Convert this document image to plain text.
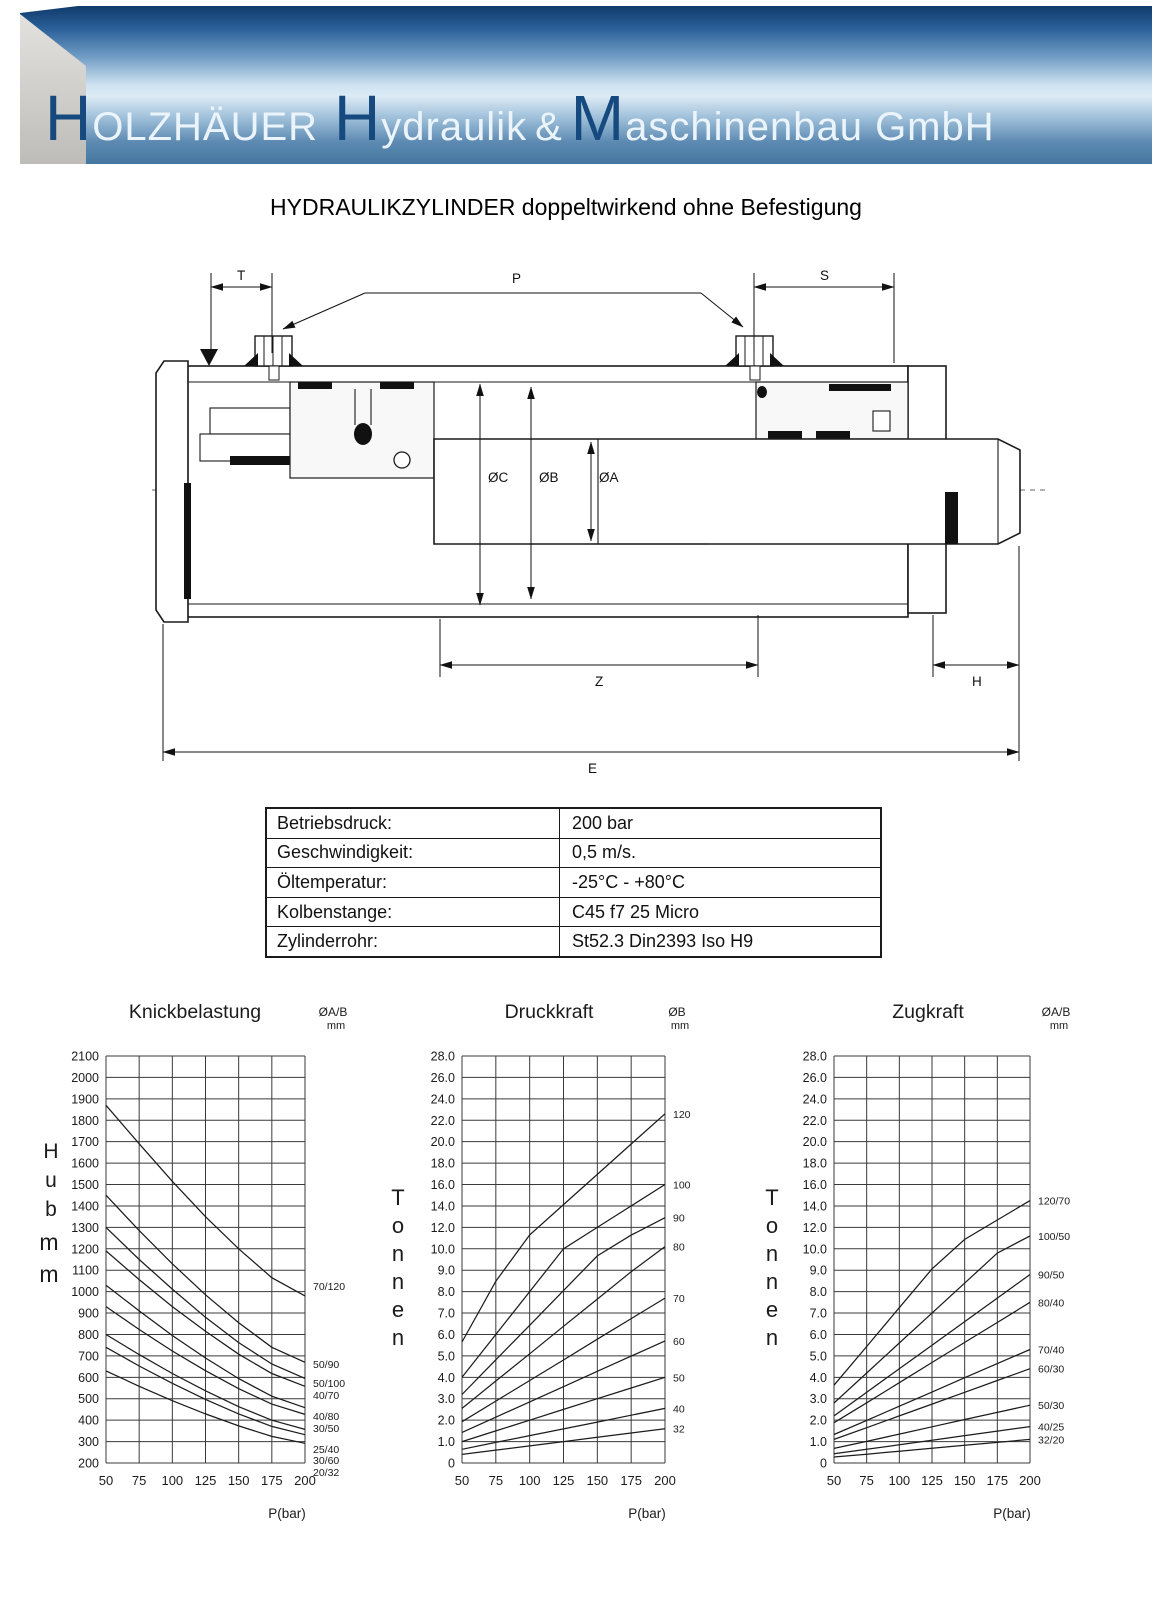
H OLZHÄUER H ydraulik & M aschinenbau GmbH
HYDRAULIKZYLINDER doppeltwirkend ohne Befestigung
T	P	S
ØC ØB	ØA
Z	H
E
Betriebsdruck:	200 bar
Geschwindigkeit:	0,5 m/s.
Öltemperatur:	-25°C - +80°C
Kolbenstange:	C45 f7 25 Micro
Zylinderrohr:	St52.3 Din2393 Iso H9
Knickbelastung	ØA/B
mm
H
u
b
m
m
2100
2000
1900
1800
1700
1600
1500
1400
1300
1200
1100
1000
900
800
700
600
500
400
300
200
50 75 100 125 150 175 200
P(bar)
70/120
50/90
50/100
40/70
40/80
30/50
25/40
30/60
20/32
Druckkraft	ØB
mm
T
o
n
n
e
n
28.0
26.0
24.0
22.0
20.0
18.0
16.0
14.0
12.0
10.0
9.0
8.0
7.0
6.0
5.0
4.0
3.0
2.0
1.0
0
50 75 100 125 150 175 200
P(bar)
120
100
90
80
70
60
50
40
32
Zugkraft	ØA/B
mm
T
o
n
n
e
n
28.0
26.0
24.0
22.0
20.0
18.0
16.0
14.0
12.0
10.0
9.0
8.0
7.0
6.0
5.0
4.0
3.0
2.0
1.0
0
50 75 100 125 150 175 200
P(bar)
120/70
100/50
90/50
80/40
70/40
60/30
50/30
40/25
32/20
